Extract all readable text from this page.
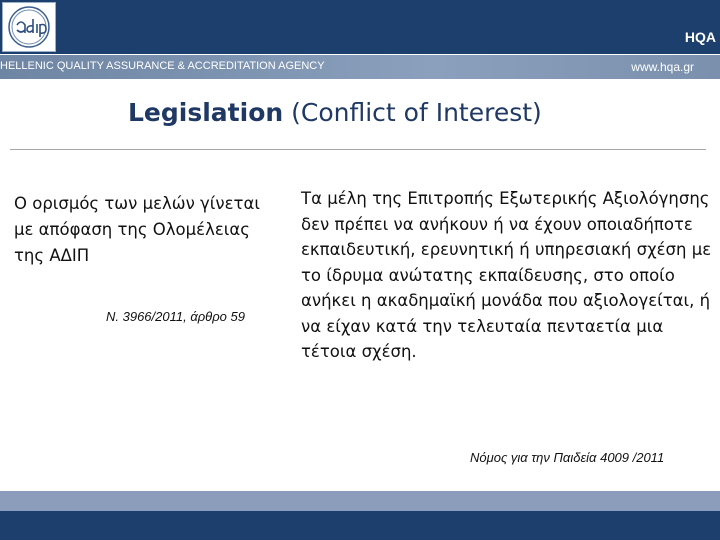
HQA
HELLENIC QUALITY ASSURANCE & ACCREDITATION AGENCY	www.hqa.gr
Legislation (Conflict of Interest)
Ο ορισμός των μελών γίνεται με απόφαση της Ολομέλειας της ΑΔΙΠ
Ν. 3966/2011, άρθρο 59
Τα μέλη της Επιτροπής Εξωτερικής Αξιολόγησης δεν πρέπει να ανήκουν ή να έχουν οποιαδήποτε εκπαιδευτική, ερευνητική ή υπηρεσιακή σχέση με το ίδρυμα ανώτατης εκπαίδευσης, στο οποίο ανήκει η ακαδημαϊκή μονάδα που αξιολογείται, ή να είχαν κατά την τελευταία πενταετία μια τέτοια σχέση.
Νόμος για την Παιδεία 4009 /2011
